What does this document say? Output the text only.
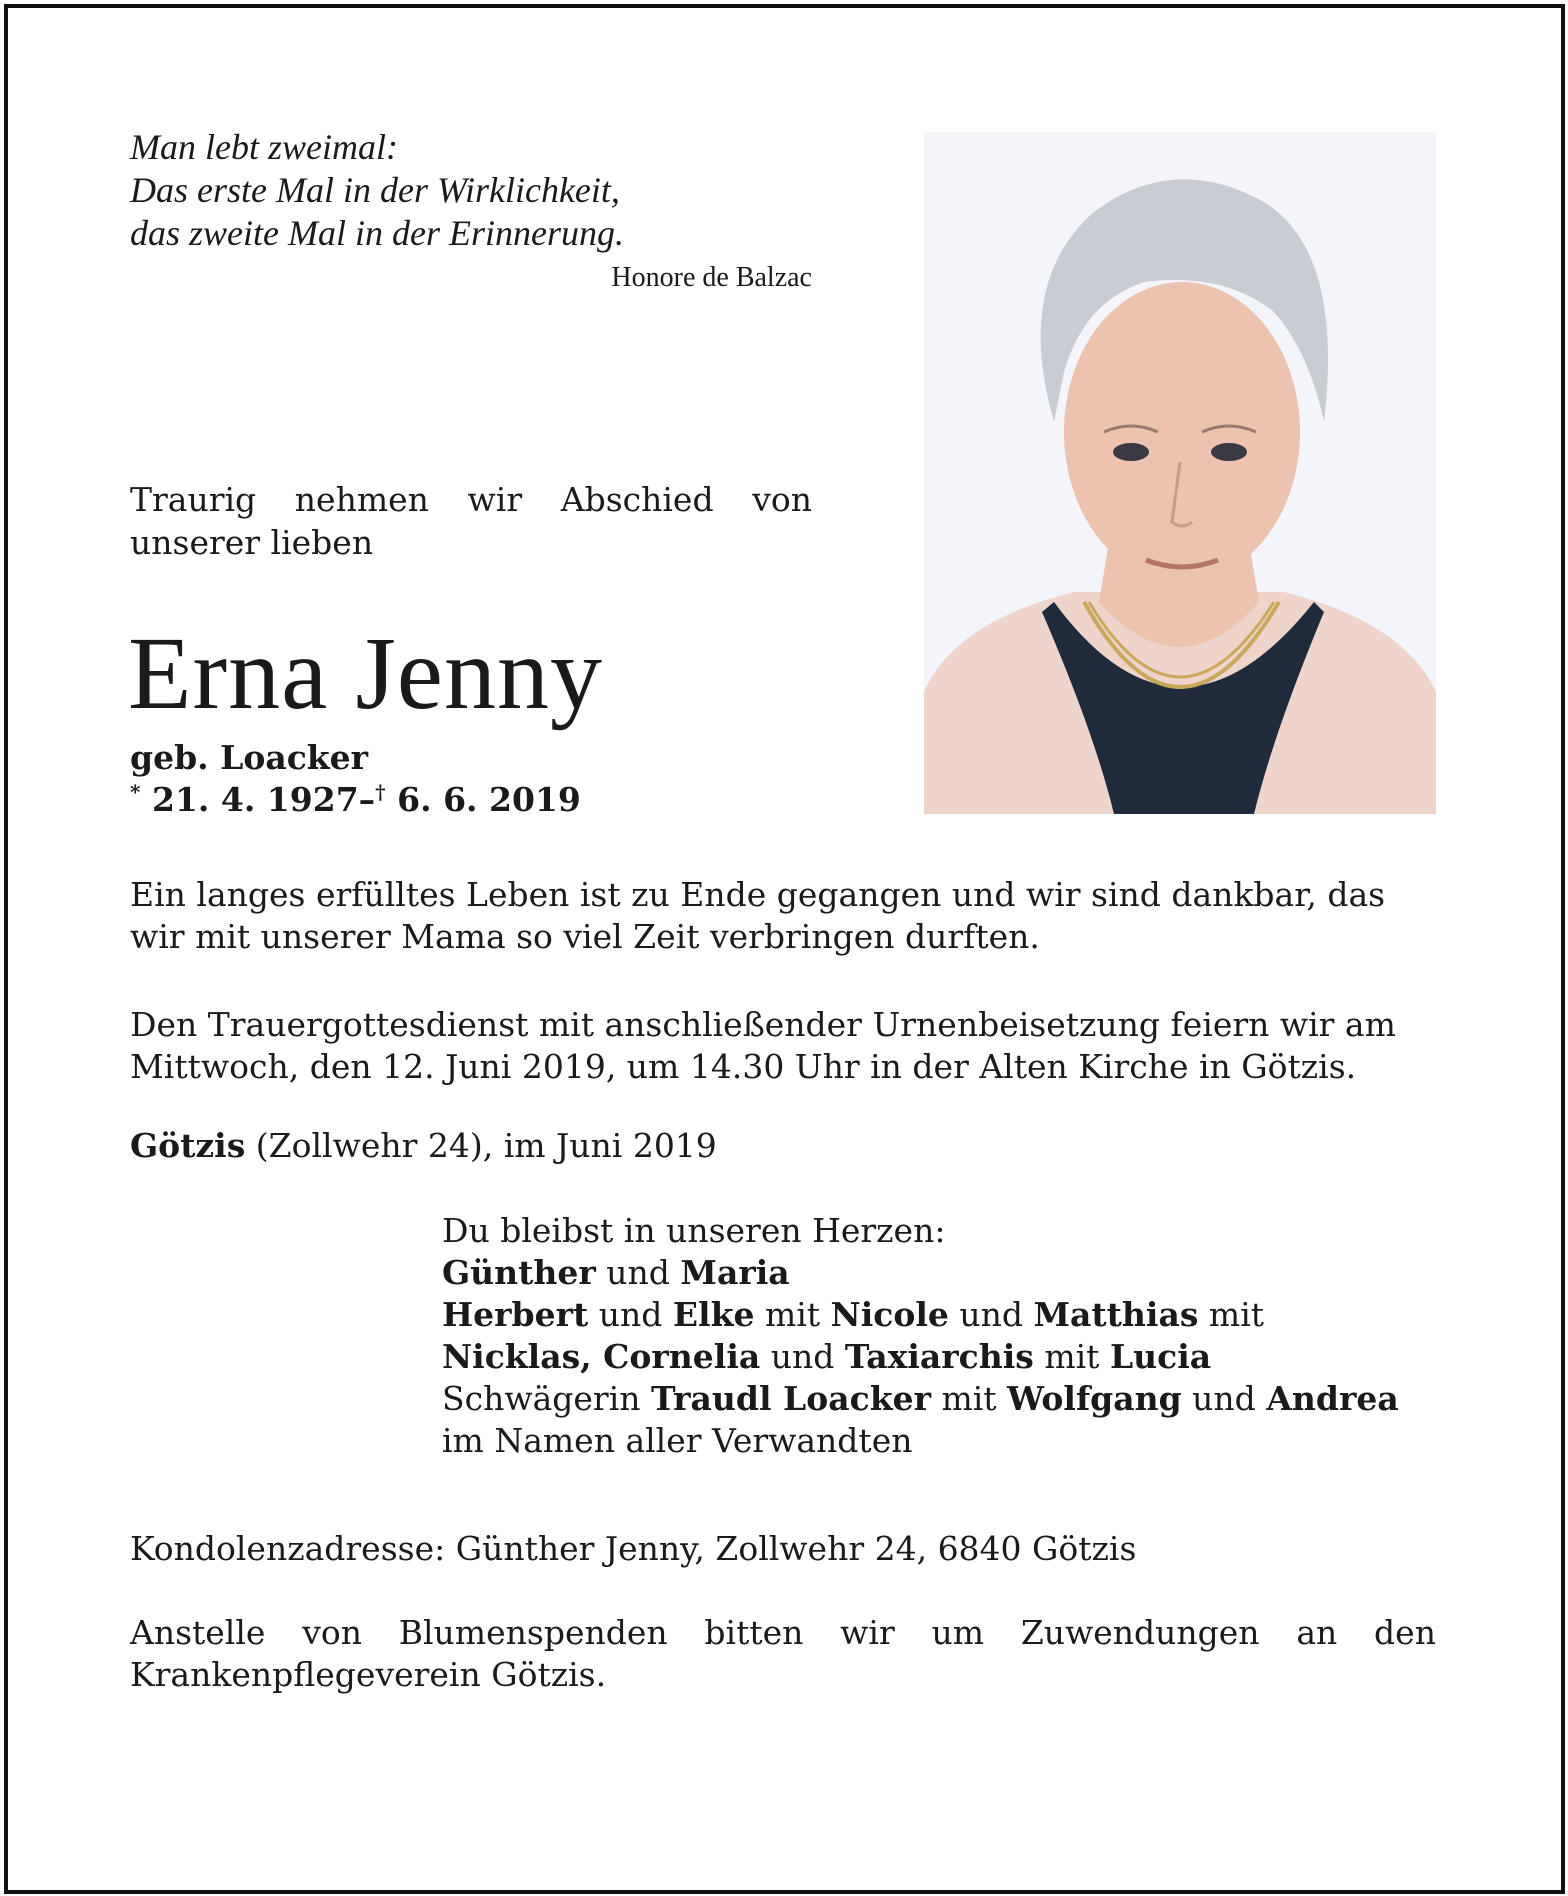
Man lebt zweimal:
Das erste Mal in der Wirklichkeit,
das zweite Mal in der Erinnerung.
Honore de Balzac
Traurig nehmen wir Abschied von
unserer lieben
Erna Jenny
geb. Loacker
* 21. 4. 1927–† 6. 6. 2019
Ein langes erfülltes Leben ist zu Ende gegangen und wir sind dankbar, das
wir mit unserer Mama so viel Zeit verbringen durften.
Den Trauergottesdienst mit anschließender Urnenbeisetzung feiern wir am
Mittwoch, den 12. Juni 2019, um 14.30 Uhr in der Alten Kirche in Götzis.
Götzis (Zollwehr 24), im Juni 2019
Du bleibst in unseren Herzen:
Günther und Maria
Herbert und Elke mit Nicole und Matthias mit
Nicklas, Cornelia und Taxiarchis mit Lucia
Schwägerin Traudl Loacker mit Wolfgang und Andrea
im Namen aller Verwandten
Kondolenzadresse: Günther Jenny, Zollwehr 24, 6840 Götzis
Anstelle von Blumenspenden bitten wir um Zuwendungen an den
Krankenpflegeverein Götzis.
